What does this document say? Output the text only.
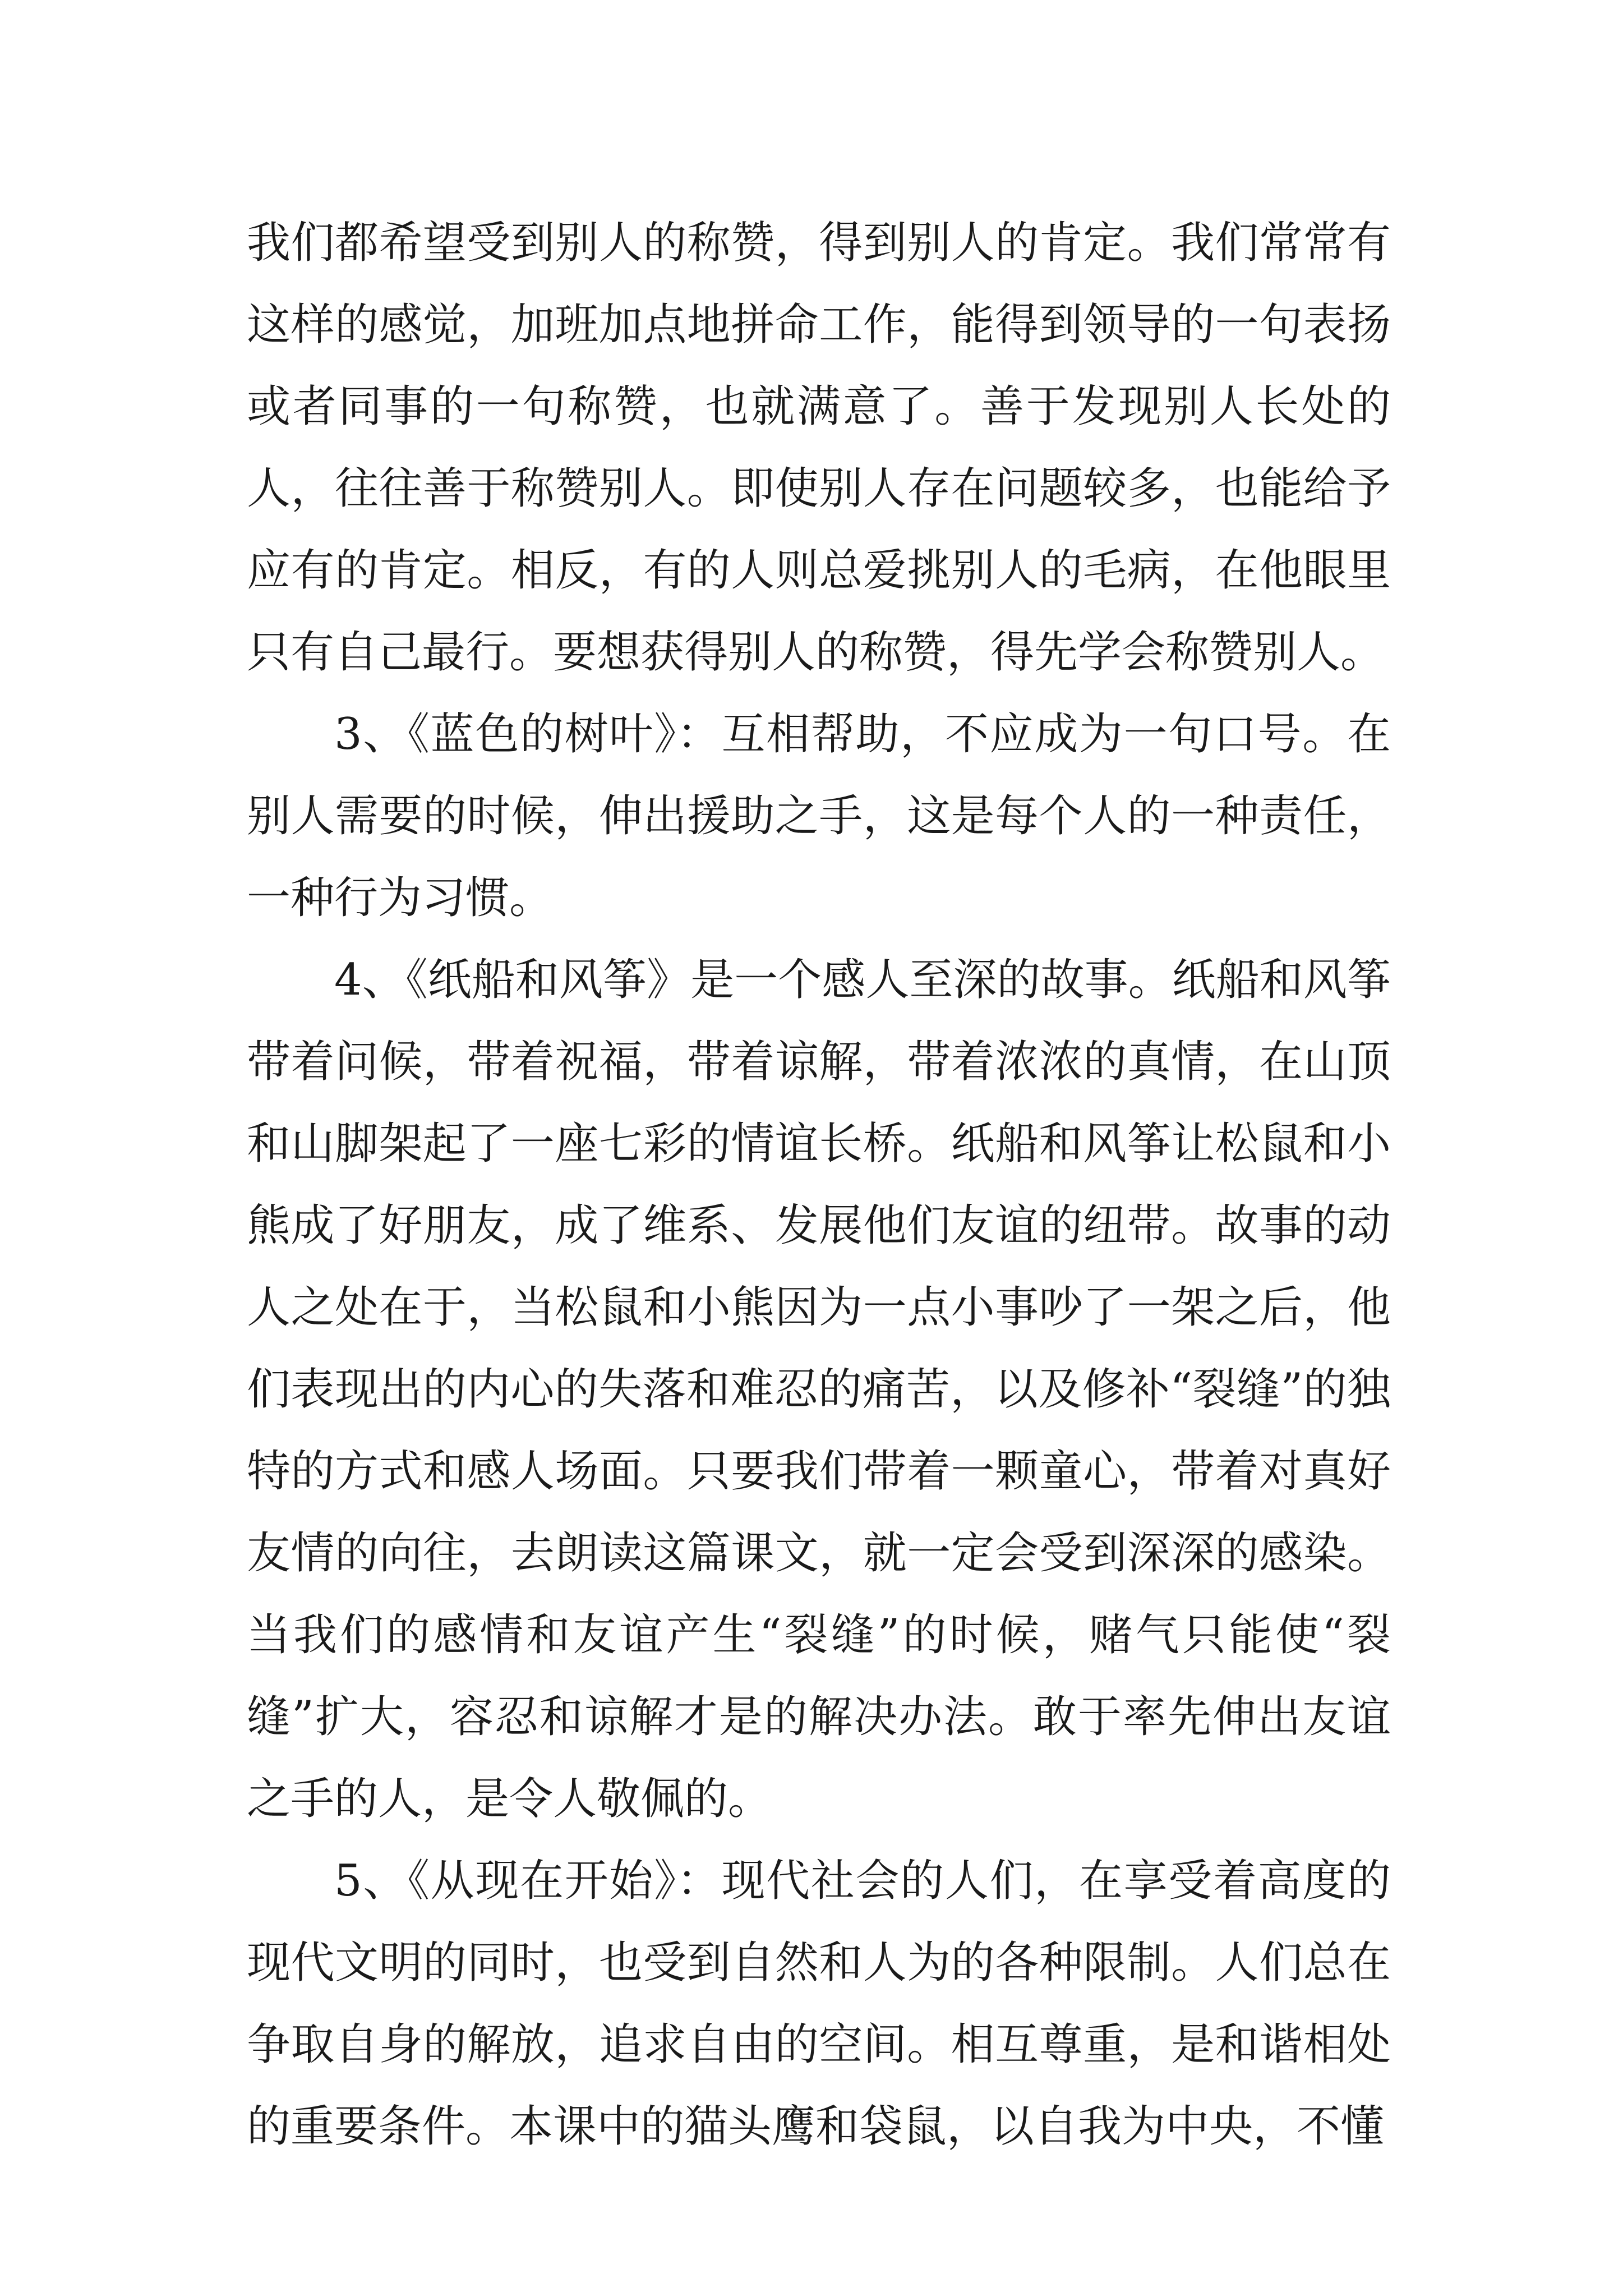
我们都希望受到别人的称赞，得到别人的肯定。我们常常有这样的感觉，加班加点地拼命工作，能得到领导的一句表扬或者同事的一句称赞，也就满意了。善于发现别人长处的人，往往善于称赞别人。即使别人存在问题较多，也能给予应有的肯定。相反，有的人则总爱挑别人的毛病，在他眼里只有自己最行。要想获得别人的称赞，得先学会称赞别人。

3、《蓝色的树叶》：互相帮助，不应成为一句口号。在别人需要的时候，伸出援助之手，这是每个人的一种责任，一种行为习惯。

4、《纸船和风筝》是一个感人至深的故事。纸船和风筝带着问候，带着祝福，带着谅解，带着浓浓的真情，在山顶和山脚架起了一座七彩的情谊长桥。纸船和风筝让松鼠和小熊成了好朋友，成了维系、发展他们友谊的纽带。故事的动人之处在于，当松鼠和小熊因为一点小事吵了一架之后，他们表现出的内心的失落和难忍的痛苦，以及修补“裂缝”的独特的方式和感人场面。只要我们带着一颗童心，带着对真好友情的向往，去朗读这篇课文，就一定会受到深深的感染。当我们的感情和友谊产生“裂缝”的时候，赌气只能使“裂缝”扩大，容忍和谅解才是的解决办法。敢于率先伸出友谊之手的人，是令人敬佩的。

5、《从现在开始》：现代社会的人们，在享受着高度的现代文明的同时，也受到自然和人为的各种限制。人们总在争取自身的解放，追求自由的空间。相互尊重，是和谐相处的重要条件。本课中的猫头鹰和袋鼠，以自我为中央，不懂
